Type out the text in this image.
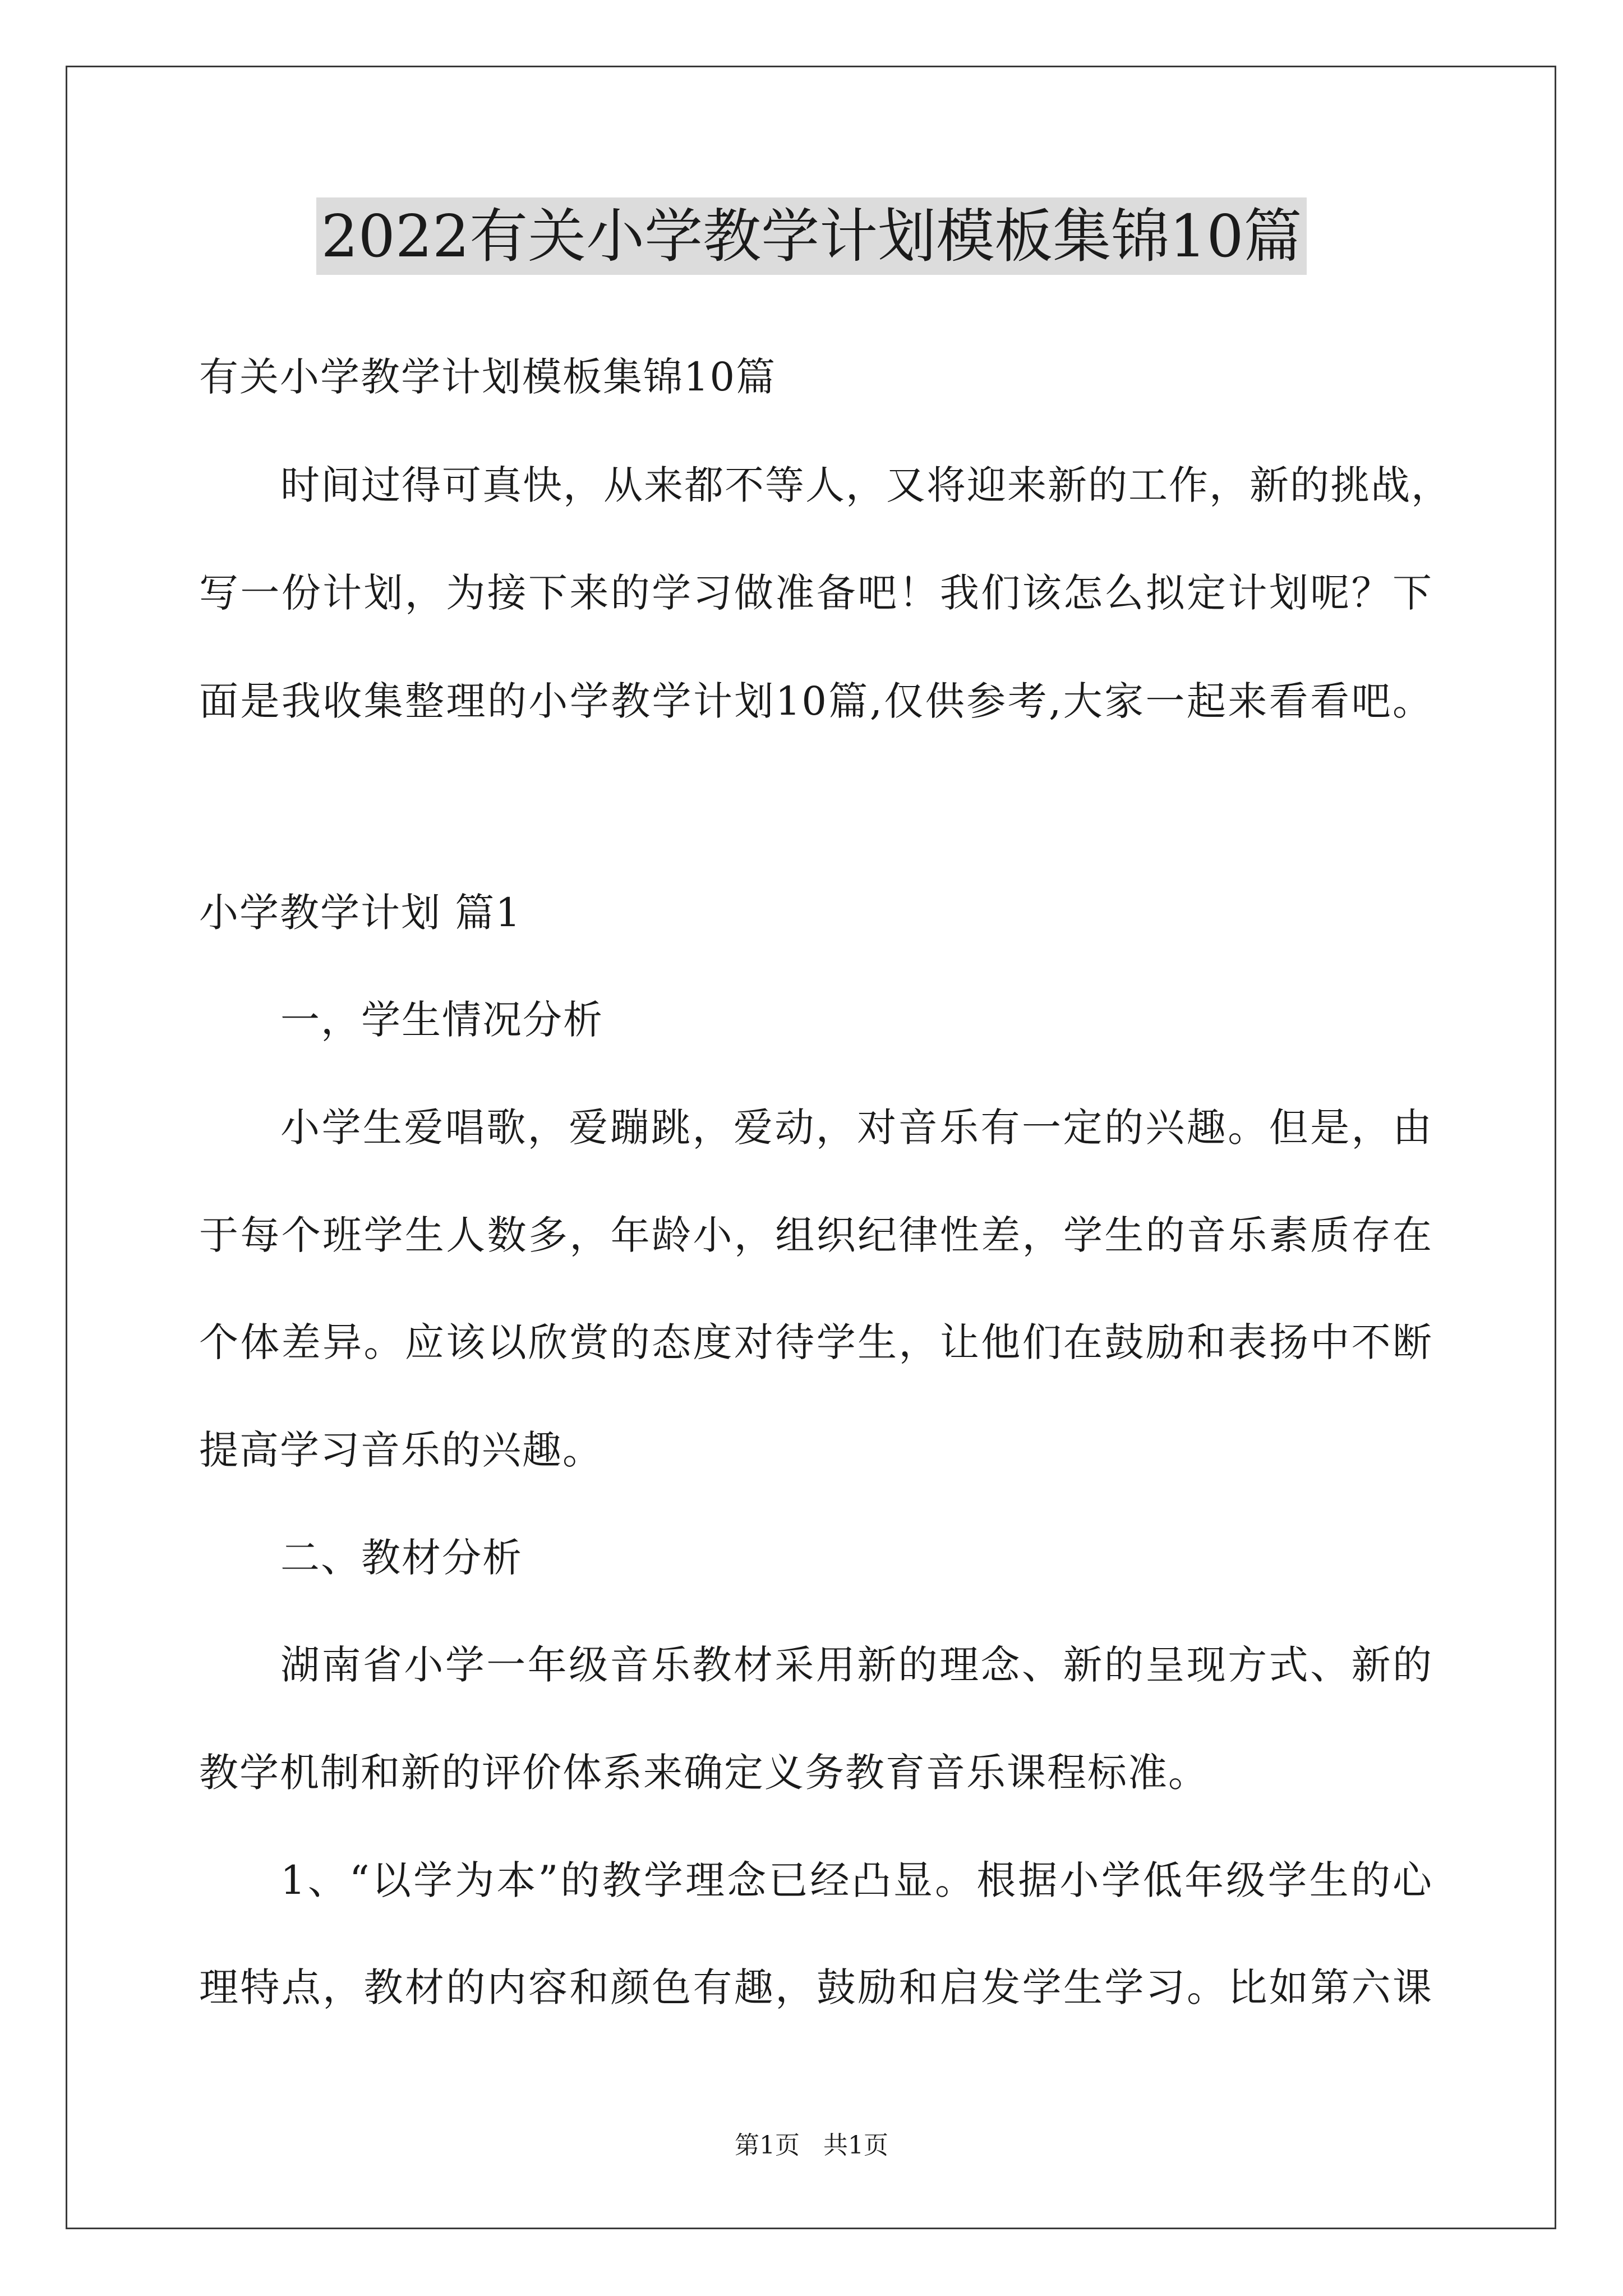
2022有关小学教学计划模板集锦10篇
有关小学教学计划模板集锦10篇
时间过得可真快，从来都不等人，又将迎来新的工作，新的挑战，
写一份计划，为接下来的学习做准备吧！我们该怎么拟定计划呢？下
面是我收集整理的小学教学计划10篇,仅供参考,大家一起来看看吧。
小学教学计划 篇1
一，学生情况分析
小学生爱唱歌，爱蹦跳，爱动，对音乐有一定的兴趣。但是，由
于每个班学生人数多，年龄小，组织纪律性差，学生的音乐素质存在
个体差异。应该以欣赏的态度对待学生，让他们在鼓励和表扬中不断
提高学习音乐的兴趣。
二、教材分析
湖南省小学一年级音乐教材采用新的理念、新的呈现方式、新的
教学机制和新的评价体系来确定义务教育音乐课程标准。
1、“以学为本”的教学理念已经凸显。根据小学低年级学生的心
理特点，教材的内容和颜色有趣，鼓励和启发学生学习。比如第六课
第1页   共1页
